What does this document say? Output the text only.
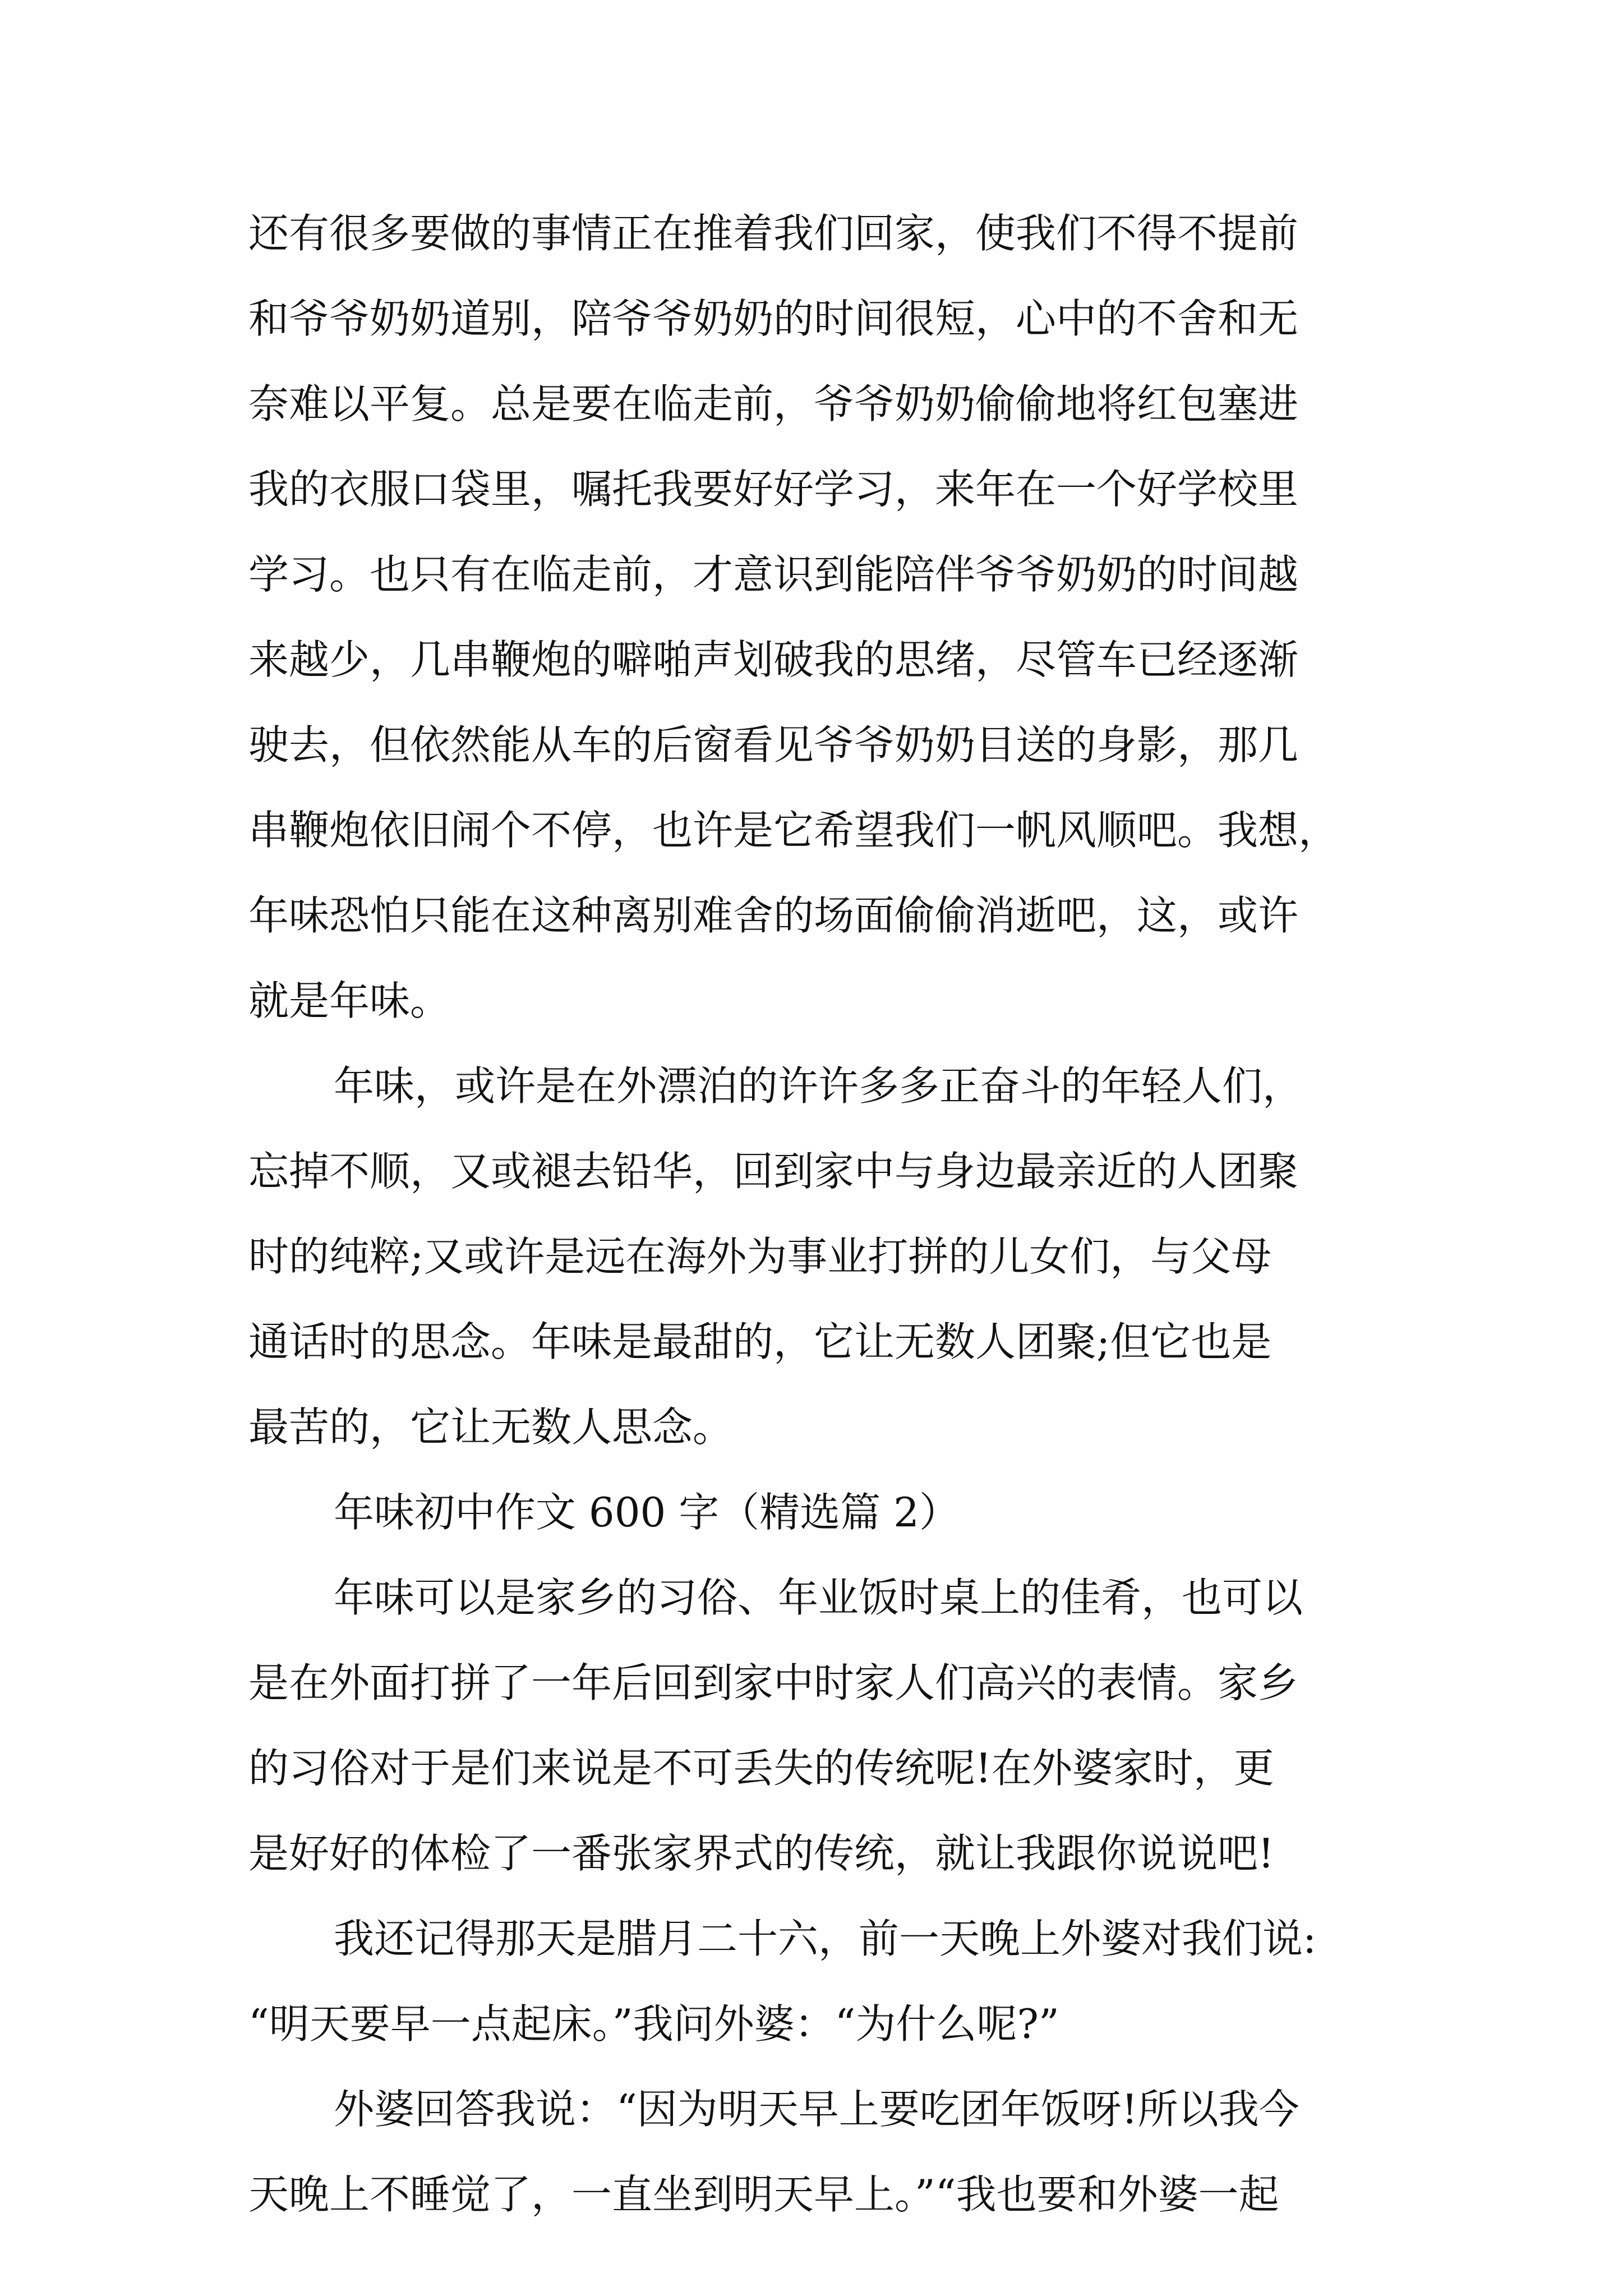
还有很多要做的事情正在推着我们回家，使我们不得不提前
和爷爷奶奶道别，陪爷爷奶奶的时间很短，心中的不舍和无
奈难以平复。总是要在临走前，爷爷奶奶偷偷地将红包塞进
我的衣服口袋里，嘱托我要好好学习，来年在一个好学校里
学习。也只有在临走前，才意识到能陪伴爷爷奶奶的时间越
来越少，几串鞭炮的噼啪声划破我的思绪，尽管车已经逐渐
驶去，但依然能从车的后窗看见爷爷奶奶目送的身影，那几
串鞭炮依旧闹个不停，也许是它希望我们一帆风顺吧。我想，
年味恐怕只能在这种离别难舍的场面偷偷消逝吧，这，或许
就是年味。
年味，或许是在外漂泊的许许多多正奋斗的年轻人们，
忘掉不顺，又或褪去铅华，回到家中与身边最亲近的人团聚
时的纯粹;又或许是远在海外为事业打拼的儿女们，与父母
通话时的思念。年味是最甜的，它让无数人团聚;但它也是
最苦的，它让无数人思念。
年味初中作文 600 字（精选篇 2）
年味可以是家乡的习俗、年业饭时桌上的佳肴，也可以
是在外面打拼了一年后回到家中时家人们高兴的表情。家乡
的习俗对于是们来说是不可丢失的传统呢!在外婆家时，更
是好好的体检了一番张家界式的传统，就让我跟你说说吧!
我还记得那天是腊月二十六，前一天晚上外婆对我们说:
“明天要早一点起床。”我问外婆：“为什么呢?”
外婆回答我说：“因为明天早上要吃团年饭呀!所以我今
天晚上不睡觉了，一直坐到明天早上。”“我也要和外婆一起
